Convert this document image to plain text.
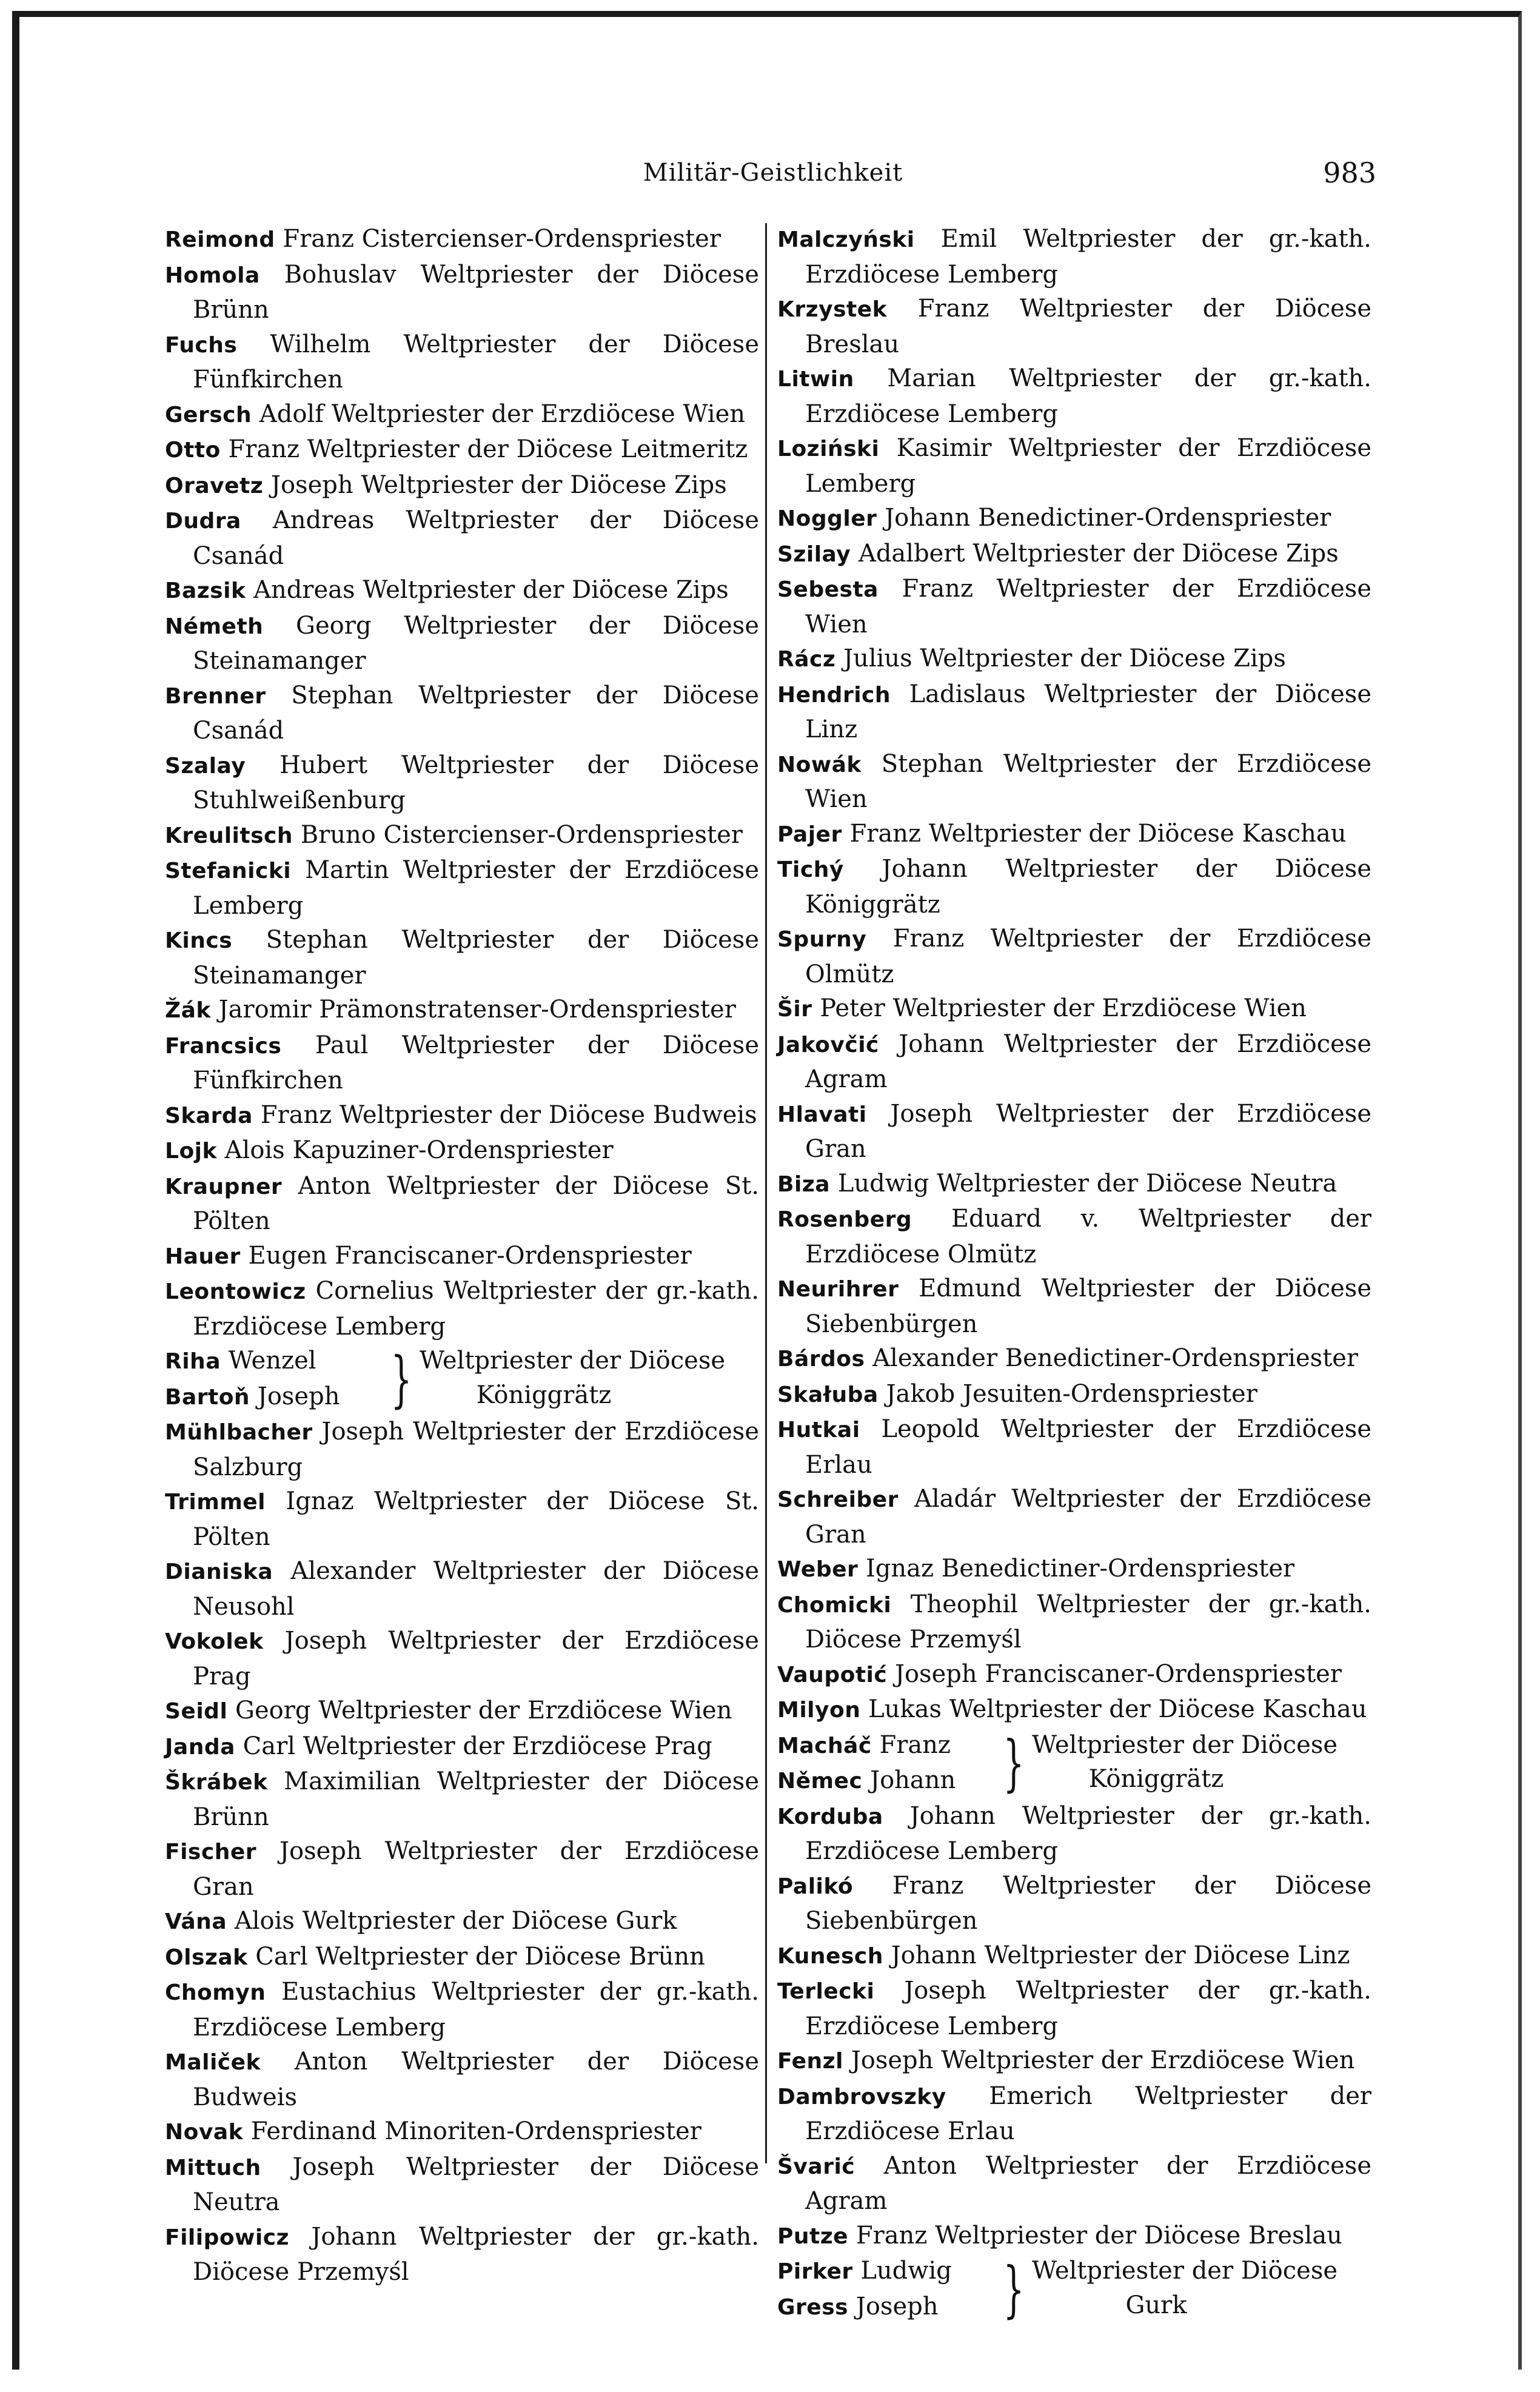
Militär-Geistlichkeit	983
Reimond Franz Cistercienser-Ordenspriester
Homola Bohuslav Weltpriester der Diöcese Brünn
Fuchs Wilhelm Weltpriester der Diöcese Fünfkirchen
Gersch Adolf Weltpriester der Erzdiöcese Wien
Otto Franz Weltpriester der Diöcese Leitmeritz
Oravetz Joseph Weltpriester der Diöcese Zips
Dudra Andreas Weltpriester der Diöcese Csanád
Bazsik Andreas Weltpriester der Diöcese Zips
Németh Georg Weltpriester der Diöcese Steinamanger
Brenner Stephan Weltpriester der Diöcese Csanád
Szalay Hubert Weltpriester der Diöcese Stuhlweißenburg
Kreulitsch Bruno Cistercienser-Ordenspriester
Stefanicki Martin Weltpriester der Erzdiöcese Lemberg
Kincs Stephan Weltpriester der Diöcese Steinamanger
Žák Jaromir Prämonstratenser-Ordenspriester
Francsics Paul Weltpriester der Diöcese Fünfkirchen
Skarda Franz Weltpriester der Diöcese Budweis
Lojk Alois Kapuziner-Ordenspriester
Kraupner Anton Weltpriester der Diöcese St. Pölten
Hauer Eugen Franciscaner-Ordenspriester
Leontowicz Cornelius Weltpriester der gr.-kath. Erzdiöcese Lemberg
Riha Wenzel
Bartoň Joseph } Weltpriester der Diöcese
Königgrätz
Mühlbacher Joseph Weltpriester der Erzdiöcese Salzburg
Trimmel Ignaz Weltpriester der Diöcese St. Pölten
Dianiska Alexander Weltpriester der Diöcese Neusohl
Vokolek Joseph Weltpriester der Erzdiöcese Prag
Seidl Georg Weltpriester der Erzdiöcese Wien
Janda Carl Weltpriester der Erzdiöcese Prag
Škrábek Maximilian Weltpriester der Diöcese Brünn
Fischer Joseph Weltpriester der Erzdiöcese Gran
Vána Alois Weltpriester der Diöcese Gurk
Olszak Carl Weltpriester der Diöcese Brünn
Chomyn Eustachius Weltpriester der gr.-kath. Erzdiöcese Lemberg
Maliček Anton Weltpriester der Diöcese Budweis
Novak Ferdinand Minoriten-Ordenspriester
Mittuch Joseph Weltpriester der Diöcese Neutra
Filipowicz Johann Weltpriester der gr.-kath. Diöcese Przemyśl
Malczyński Emil Weltpriester der gr.-kath. Erzdiöcese Lemberg
Krzystek Franz Weltpriester der Diöcese Breslau
Litwin Marian Weltpriester der gr.-kath. Erzdiöcese Lemberg
Loziński Kasimir Weltpriester der Erzdiöcese Lemberg
Noggler Johann Benedictiner-Ordenspriester
Szilay Adalbert Weltpriester der Diöcese Zips
Sebesta Franz Weltpriester der Erzdiöcese Wien
Rácz Julius Weltpriester der Diöcese Zips
Hendrich Ladislaus Weltpriester der Diöcese Linz
Nowák Stephan Weltpriester der Erzdiöcese Wien
Pajer Franz Weltpriester der Diöcese Kaschau
Tichý Johann Weltpriester der Diöcese Königgrätz
Spurny Franz Weltpriester der Erzdiöcese Olmütz
Šir Peter Weltpriester der Erzdiöcese Wien
Jakovčić Johann Weltpriester der Erzdiöcese Agram
Hlavati Joseph Weltpriester der Erzdiöcese Gran
Biza Ludwig Weltpriester der Diöcese Neutra
Rosenberg Eduard v. Weltpriester der Erzdiöcese Olmütz
Neurihrer Edmund Weltpriester der Diöcese Siebenbürgen
Bárdos Alexander Benedictiner-Ordenspriester
Skałuba Jakob Jesuiten-Ordenspriester
Hutkai Leopold Weltpriester der Erzdiöcese Erlau
Schreiber Aladár Weltpriester der Erzdiöcese Gran
Weber Ignaz Benedictiner-Ordenspriester
Chomicki Theophil Weltpriester der gr.-kath. Diöcese Przemyśl
Vaupotić Joseph Franciscaner-Ordenspriester
Milyon Lukas Weltpriester der Diöcese Kaschau
Macháč Franz
Němec Johann } Weltpriester der Diöcese
Königgrätz
Korduba Johann Weltpriester der gr.-kath. Erzdiöcese Lemberg
Palikó Franz Weltpriester der Diöcese Siebenbürgen
Kunesch Johann Weltpriester der Diöcese Linz
Terlecki Joseph Weltpriester der gr.-kath. Erzdiöcese Lemberg
Fenzl Joseph Weltpriester der Erzdiöcese Wien
Dambrovszky Emerich Weltpriester der Erzdiöcese Erlau
Švarić Anton Weltpriester der Erzdiöcese Agram
Putze Franz Weltpriester der Diöcese Breslau
Pirker Ludwig
Gress Joseph	} Weltpriester der Diöcese
Gurk
